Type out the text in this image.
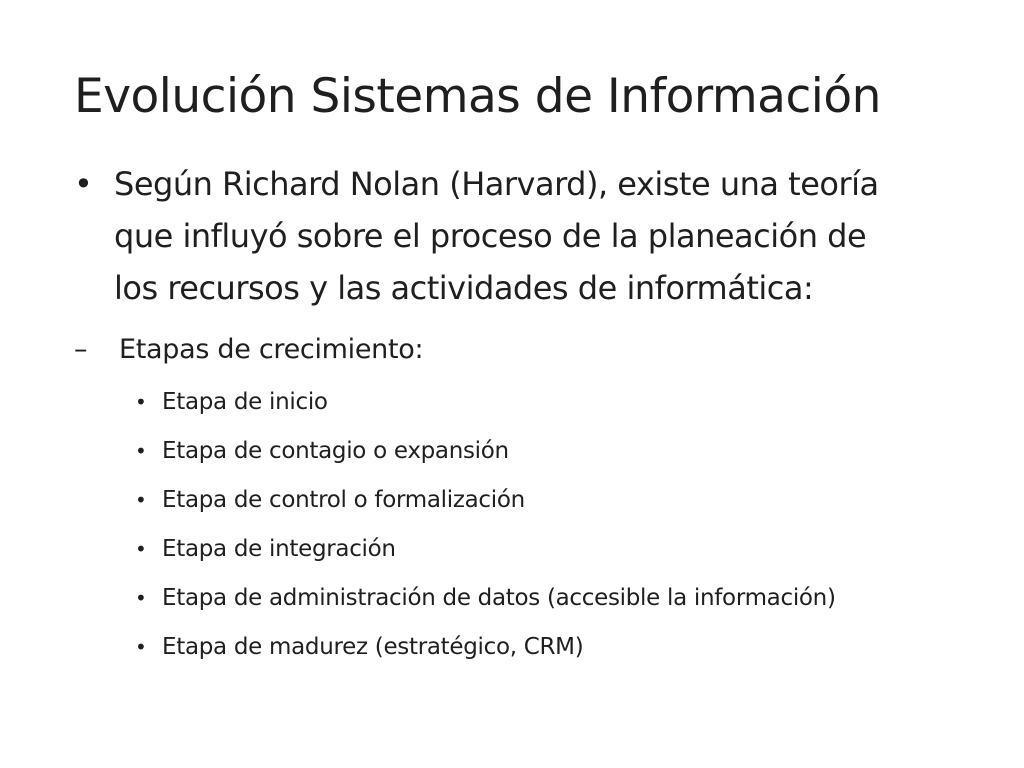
Evolución Sistemas de Información
• Según Richard Nolan (Harvard), existe una teoría
que influyó sobre el proceso de la planeación de
los recursos y las actividades de informática:
– Etapas de crecimiento:
• Etapa de inicio
• Etapa de contagio o expansión
• Etapa de control o formalización
• Etapa de integración
• Etapa de administración de datos (accesible la información)
• Etapa de madurez (estratégico, CRM)
